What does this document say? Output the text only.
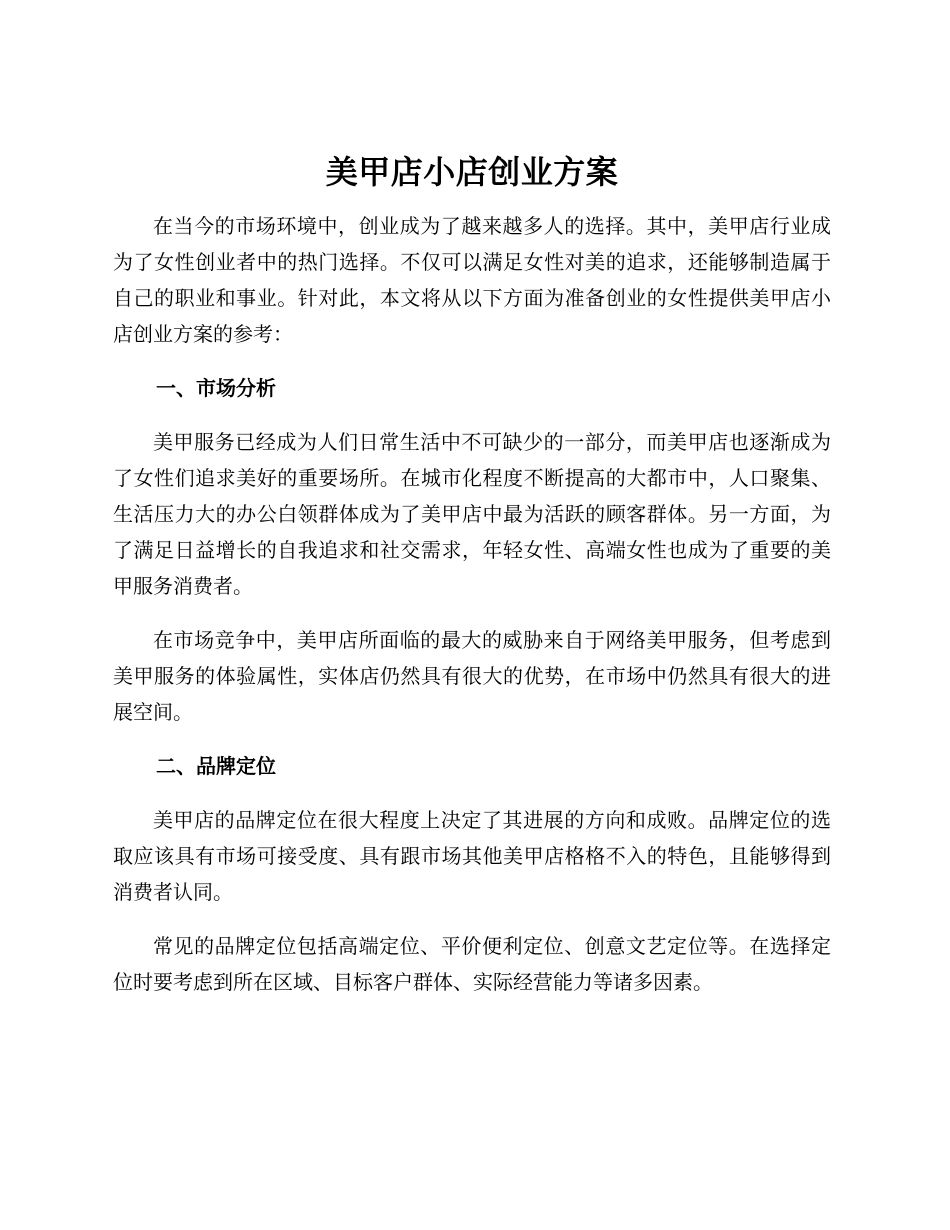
美甲店小店创业方案

在当今的市场环境中，创业成为了越来越多人的选择。其中，美甲店行业成为了女性创业者中的热门选择。不仅可以满足女性对美的追求，还能够制造属于自己的职业和事业。针对此，本文将从以下方面为准备创业的女性提供美甲店小店创业方案的参考：

一、市场分析

美甲服务已经成为人们日常生活中不可缺少的一部分，而美甲店也逐渐成为了女性们追求美好的重要场所。在城市化程度不断提高的大都市中，人口聚集、生活压力大的办公白领群体成为了美甲店中最为活跃的顾客群体。另一方面，为了满足日益增长的自我追求和社交需求，年轻女性、高端女性也成为了重要的美甲服务消费者。

在市场竞争中，美甲店所面临的最大的威胁来自于网络美甲服务，但考虑到美甲服务的体验属性，实体店仍然具有很大的优势，在市场中仍然具有很大的进展空间。

二、品牌定位

美甲店的品牌定位在很大程度上决定了其进展的方向和成败。品牌定位的选取应该具有市场可接受度、具有跟市场其他美甲店格格不入的特色，且能够得到消费者认同。

常见的品牌定位包括高端定位、平价便利定位、创意文艺定位等。在选择定位时要考虑到所在区域、目标客户群体、实际经营能力等诸多因素。
